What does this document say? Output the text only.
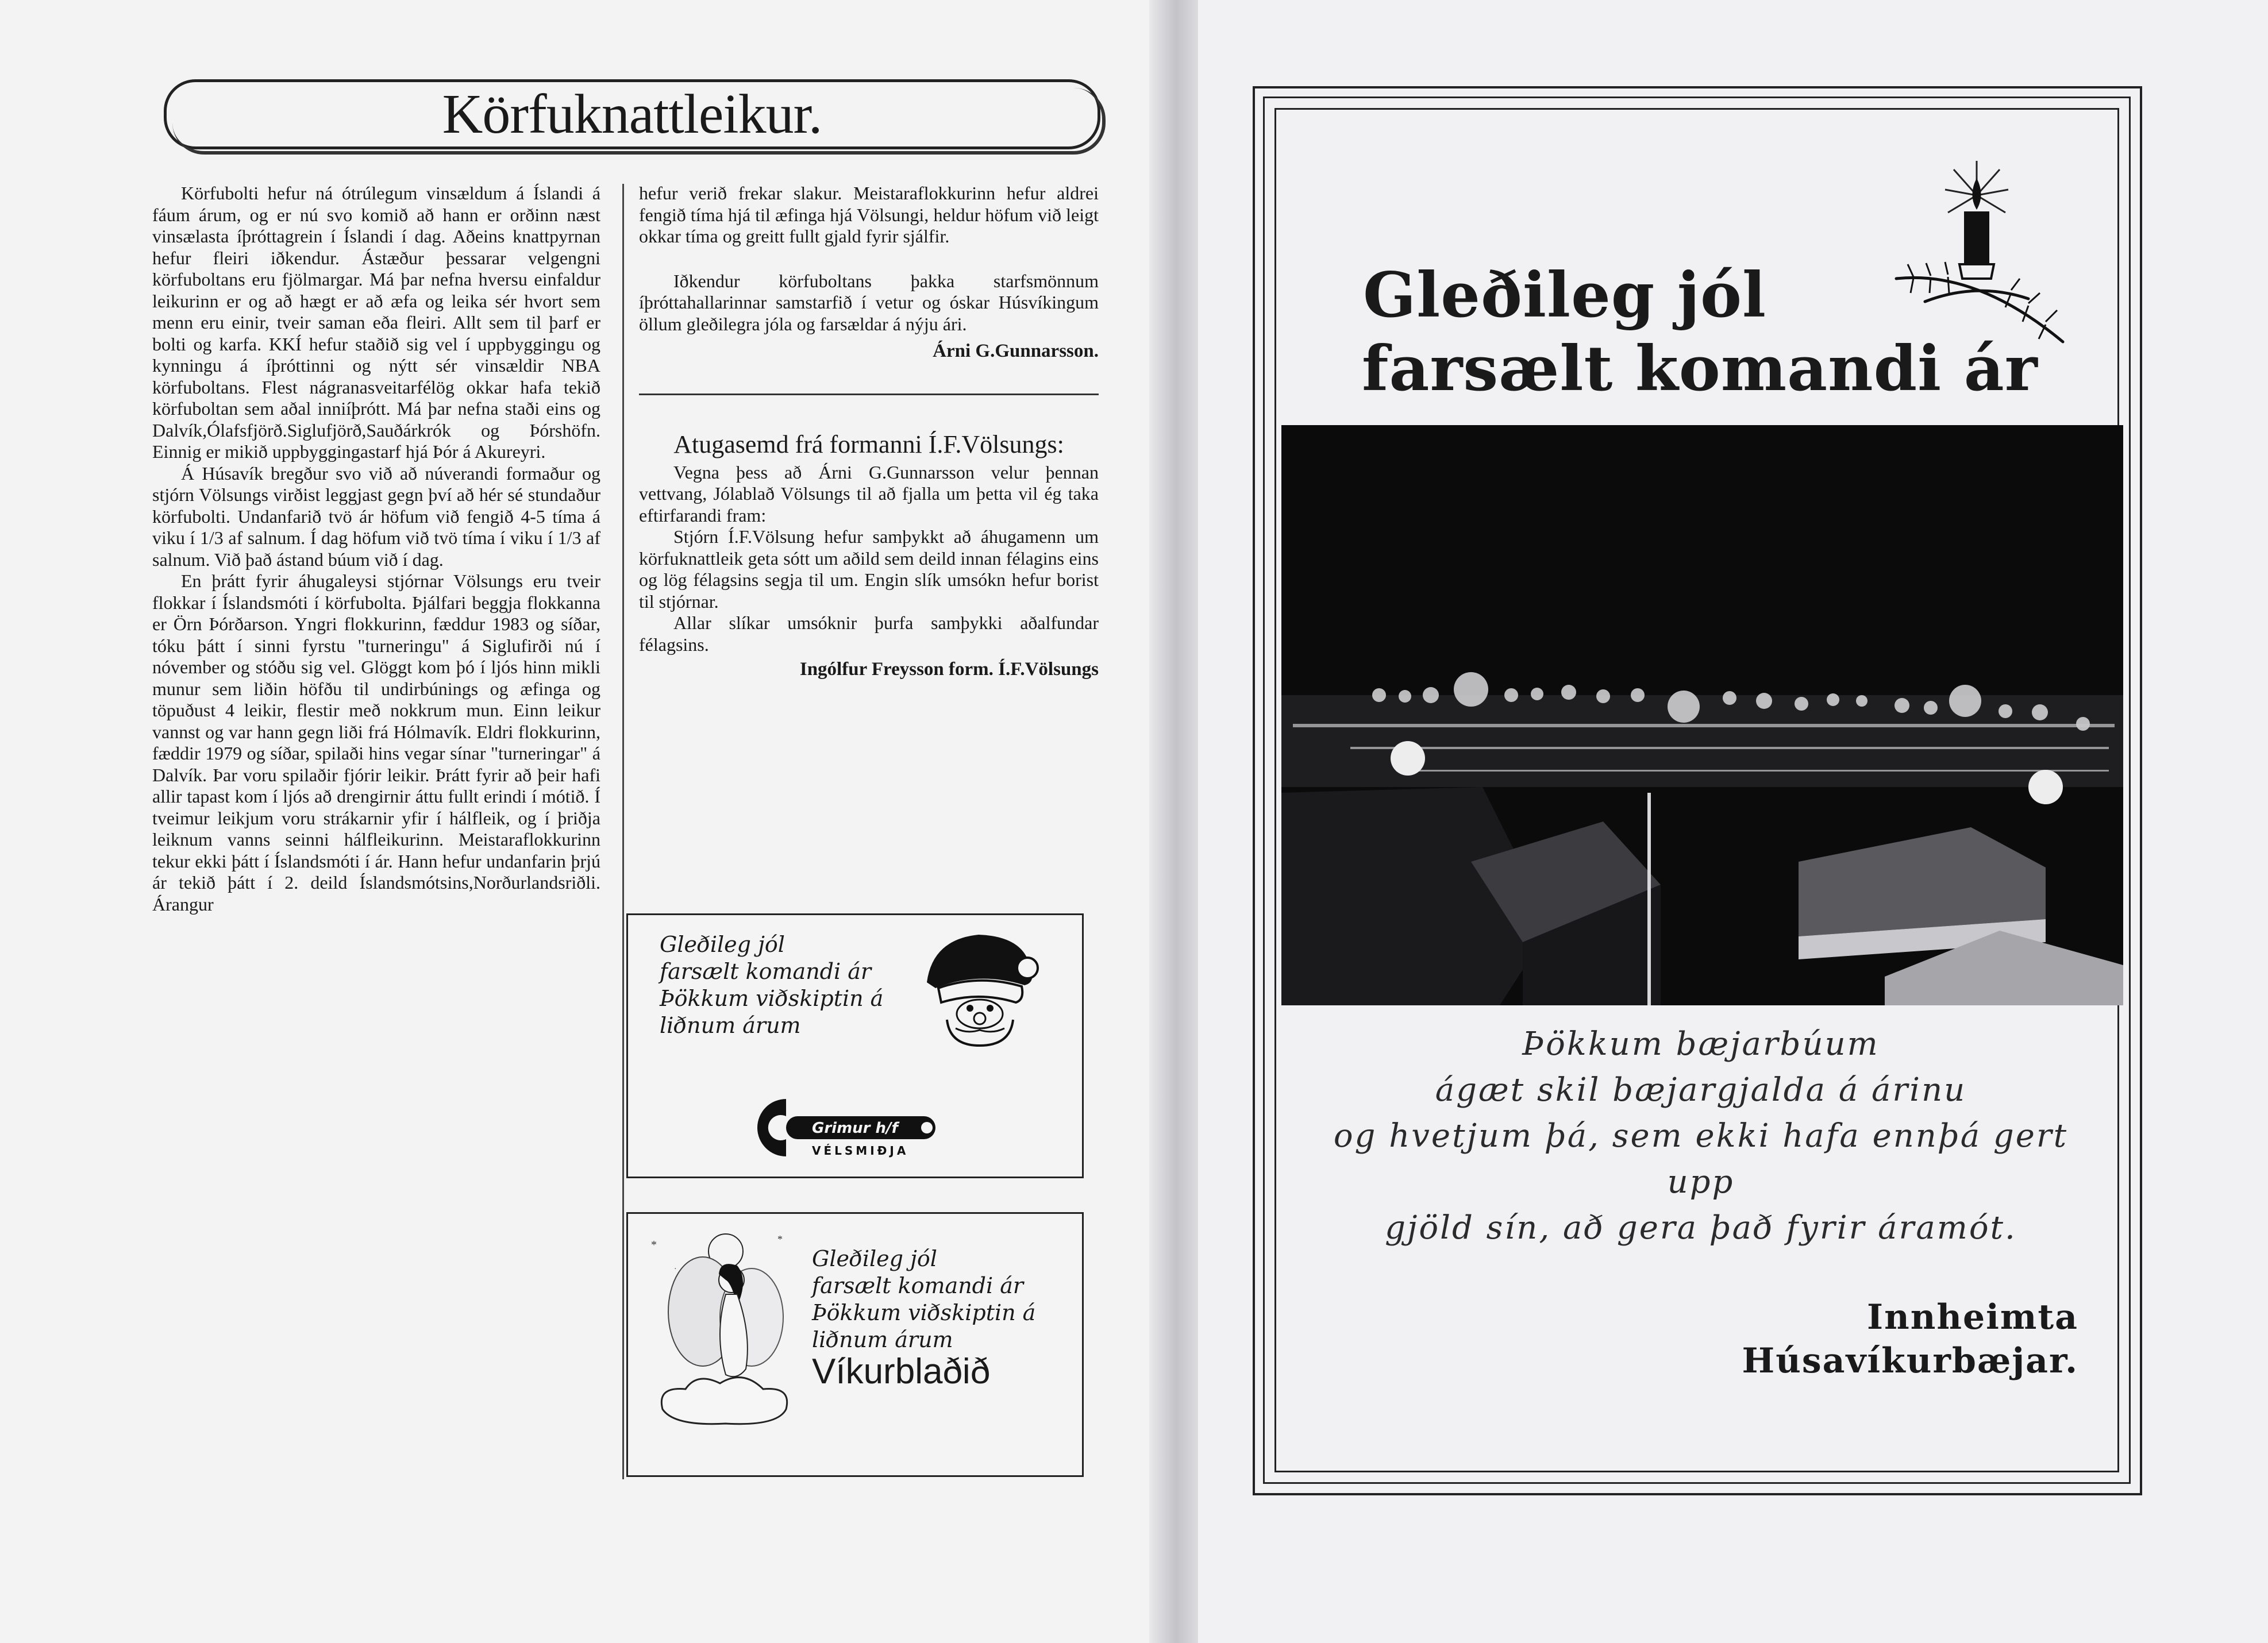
Körfuknattleikur.

Körfubolti hefur ná ótrúlegum vinsældum á Íslandi á fáum árum, og er nú svo komið að hann er orðinn næst vinsælasta íþróttagrein í Íslandi í dag. Aðeins knattpyrnan hefur fleiri iðkendur. Ástæður þessarar velgengni körfuboltans eru fjölmargar. Má þar nefna hversu einfaldur leikurinn er og að hægt er að æfa og leika sér hvort sem menn eru einir, tveir saman eða fleiri. Allt sem til þarf er bolti og karfa. KKÍ hefur staðið sig vel í uppbyggingu og kynningu á íþróttinni og nýtt sér vinsældir NBA körfuboltans. Flest nágranasveitarfélög okkar hafa tekið körfuboltan sem aðal inniíþrótt. Má þar nefna staði eins og Dalvík,Ólafsfjörð.Siglufjörð,Sauðárkrók og Þórshöfn. Einnig er mikið uppbyggingastarf hjá Þór á Akureyri.

Á Húsavík bregður svo við að núverandi formaður og stjórn Völsungs virðist leggjast gegn því að hér sé stundaður körfubolti. Undanfarið tvö ár höfum við fengið 4-5 tíma á viku í 1/3 af salnum. Í dag höfum við tvö tíma í viku í 1/3 af salnum. Við það ástand búum við í dag.

En þrátt fyrir áhugaleysi stjórnar Völsungs eru tveir flokkar í Íslandsmóti í körfubolta. Þjálfari beggja flokkanna er Örn Þórðarson. Yngri flokkurinn, fæddur 1983 og síðar, tóku þátt í sinni fyrstu "turneringu" á Siglufirði nú í nóvember og stóðu sig vel. Glöggt kom þó í ljós hinn mikli munur sem liðin höfðu til undirbúnings og æfinga og töpuðust 4 leikir, flestir með nokkrum mun. Einn leikur vannst og var hann gegn liði frá Hólmavík. Eldri flokkurinn, fæddir 1979 og síðar, spilaði hins vegar sínar "turneringar" á Dalvík. Þar voru spilaðir fjórir leikir. Þrátt fyrir að þeir hafi allir tapast kom í ljós að drengirnir áttu fullt erindi í mótið. Í tveimur leikjum voru strákarnir yfir í hálfleik, og í þriðja leiknum vanns seinni hálfleikurinn. Meistaraflokkurinn tekur ekki þátt í Íslandsmóti í ár. Hann hefur undanfarin þrjú ár tekið þátt í 2. deild Íslandsmótsins,Norðurlandsriðli. Árangur

hefur verið frekar slakur. Meistaraflokkurinn hefur aldrei fengið tíma hjá til æfinga hjá Völsungi, heldur höfum við leigt okkar tíma og greitt fullt gjald fyrir sjálfir.

Iðkendur körfuboltans þakka starfsmönnum íþróttahallarinnar samstarfið í vetur og óskar Húsvíkingum öllum gleðilegra jóla og farsældar á nýju ári.

Árni G.Gunnarsson.
Atugasemd frá formanni Í.F.Völsungs:

Vegna þess að Árni G.Gunnarsson velur þennan vettvang, Jólablað Völsungs til að fjalla um þetta vil ég taka eftirfarandi fram:

Stjórn Í.F.Völsung hefur samþykkt að áhugamenn um körfuknattleik geta sótt um aðild sem deild innan félagins eins og lög félagsins segja til um. Engin slík umsókn hefur borist til stjórnar.

Allar slíkar umsóknir þurfa samþykki aðalfundar félagsins.

Ingólfur Freysson form. Í.F.Völsungs
Gleðileg jól
farsælt komandi ár
Þökkum viðskiptin á
liðnum árum
Grimur h/f
VÉLSMIÐJA
*	*
·	Gleðileg jól
farsælt komandi ár
Þökkum viðskiptin á
liðnum árum
Víkurblaðið
Gleðileg jól
farsælt komandi ár
Þökkum bæjarbúum
ágæt skil bæjargjalda á árinu
og hvetjum þá, sem ekki hafa ennþá gert upp
gjöld sín, að gera það fyrir áramót.
Innheimta
Húsavíkurbæjar.
